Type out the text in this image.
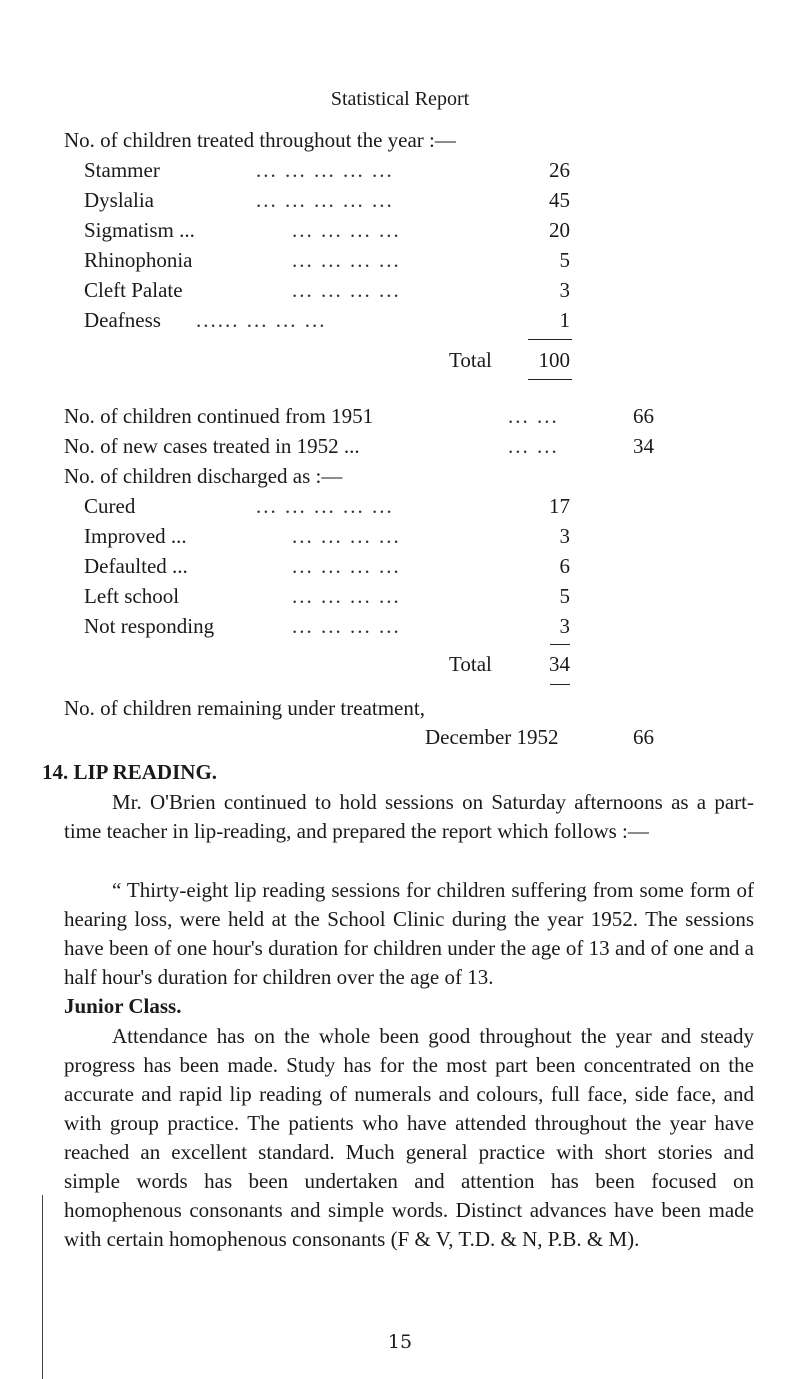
Statistical Report
No. of children treated throughout the year :—
Stammer	... ... ... ... ...	26
Dyslalia	... ... ... ... ...	45
Sigmatism ...	... ... ... ...	20
Rhinophonia	... ... ... ...	5
Cleft Palate	... ... ... ...	3
Deafness ...... ... ... ...	1
Total	100
No. of children continued from 1951	... ...	66
No. of new cases treated in 1952 ...	... ...	34
No. of children discharged as :—
Cured	... ... ... ... ...	17
Improved ...	... ... ... ...	3
Defaulted ...	... ... ... ...	6
Left school	... ... ... ...	5
Not responding	... ... ... ...	3
Total	34
No. of children remaining under treatment,
December 1952	66
14. LIP READING.
Mr. O'Brien continued to hold sessions on Saturday afternoons as a part-time teacher in lip-reading, and prepared the report which follows :—
“ Thirty-eight lip reading sessions for children suffering from some form of hearing loss, were held at the School Clinic during the year 1952. The sessions have been of one hour's duration for children under the age of 13 and of one and a half hour's duration for children over the age of 13.
Junior Class.
Attendance has on the whole been good throughout the year and steady progress has been made. Study has for the most part been concentrated on the accurate and rapid lip reading of numerals and colours, full face, side face, and with group practice. The patients who have attended throughout the year have reached an excellent standard. Much general practice with short stories and simple words has been undertaken and attention has been focused on homophenous consonants and simple words. Distinct advances have been made with certain homophenous consonants (F & V, T.D. & N, P.B. & M).
15
